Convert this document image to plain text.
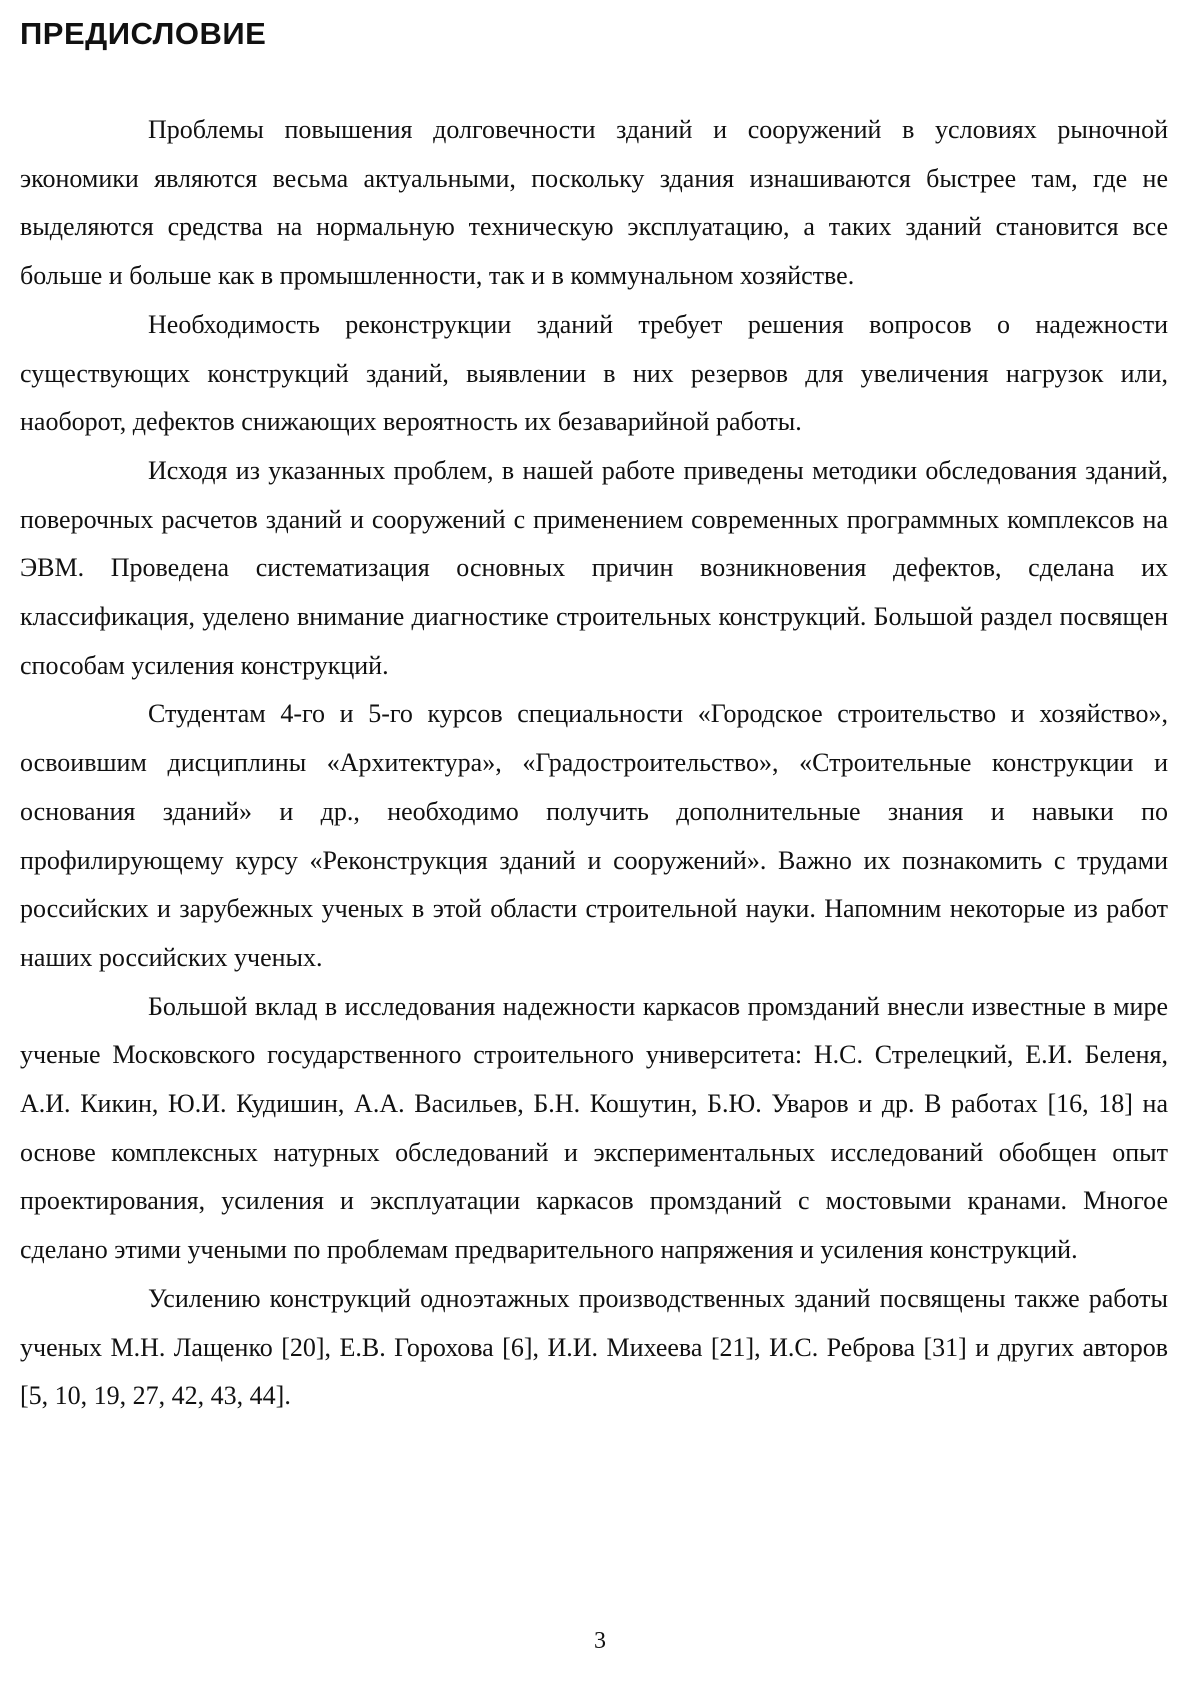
ПРЕДИСЛОВИЕ

Проблемы повышения долговечности зданий и сооружений в условиях рыночной экономики являются весьма актуальными, поскольку здания изнашиваются быстрее там, где не выделяются средства на нормальную техническую эксплуатацию, а таких зданий становится все больше и больше как в промышленности, так и в коммунальном хозяйстве.

Необходимость реконструкции зданий требует решения вопросов о надежности существующих конструкций зданий, выявлении в них резервов для увеличения нагрузок или, наоборот, дефектов снижающих вероятность их безаварийной работы.

Исходя из указанных проблем, в нашей работе приведены методики обследования зданий, поверочных расчетов зданий и сооружений с применением современных программных комплексов на ЭВМ. Проведена систематизация основных причин возникновения дефектов, сделана их классификация, уделено внимание диагностике строительных конструкций. Большой раздел посвящен способам усиления конструкций.

Студентам 4-го и 5-го курсов специальности «Городское строительство и хозяйство», освоившим дисциплины «Архитектура», «Градостроительство», «Строительные конструкции и основания зданий» и др., необходимо получить дополнительные знания и навыки по профилирующему курсу «Реконструкция зданий и сооружений». Важно их познакомить с трудами российских и зарубежных ученых в этой области строительной науки. Напомним некоторые из работ наших российских ученых.

Большой вклад в исследования надежности каркасов промзданий внесли известные в мире ученые Московского государственного строительного университета: Н.С. Стрелецкий, Е.И. Беленя, А.И. Кикин, Ю.И. Кудишин, А.А. Васильев, Б.Н. Кошутин, Б.Ю. Уваров и др. В работах [16, 18] на основе комплексных натурных обследований и экспериментальных исследований обобщен опыт проектирования, усиления и эксплуатации каркасов промзданий с мостовыми кранами. Многое сделано этими учеными по проблемам предварительного напряжения и усиления конструкций.

Усилению конструкций одноэтажных производственных зданий посвящены также работы ученых М.Н. Лащенко [20], Е.В. Горохова [6], И.И. Михеева [21], И.С. Реброва [31] и других авторов [5, 10, 19, 27, 42, 43, 44].

3
